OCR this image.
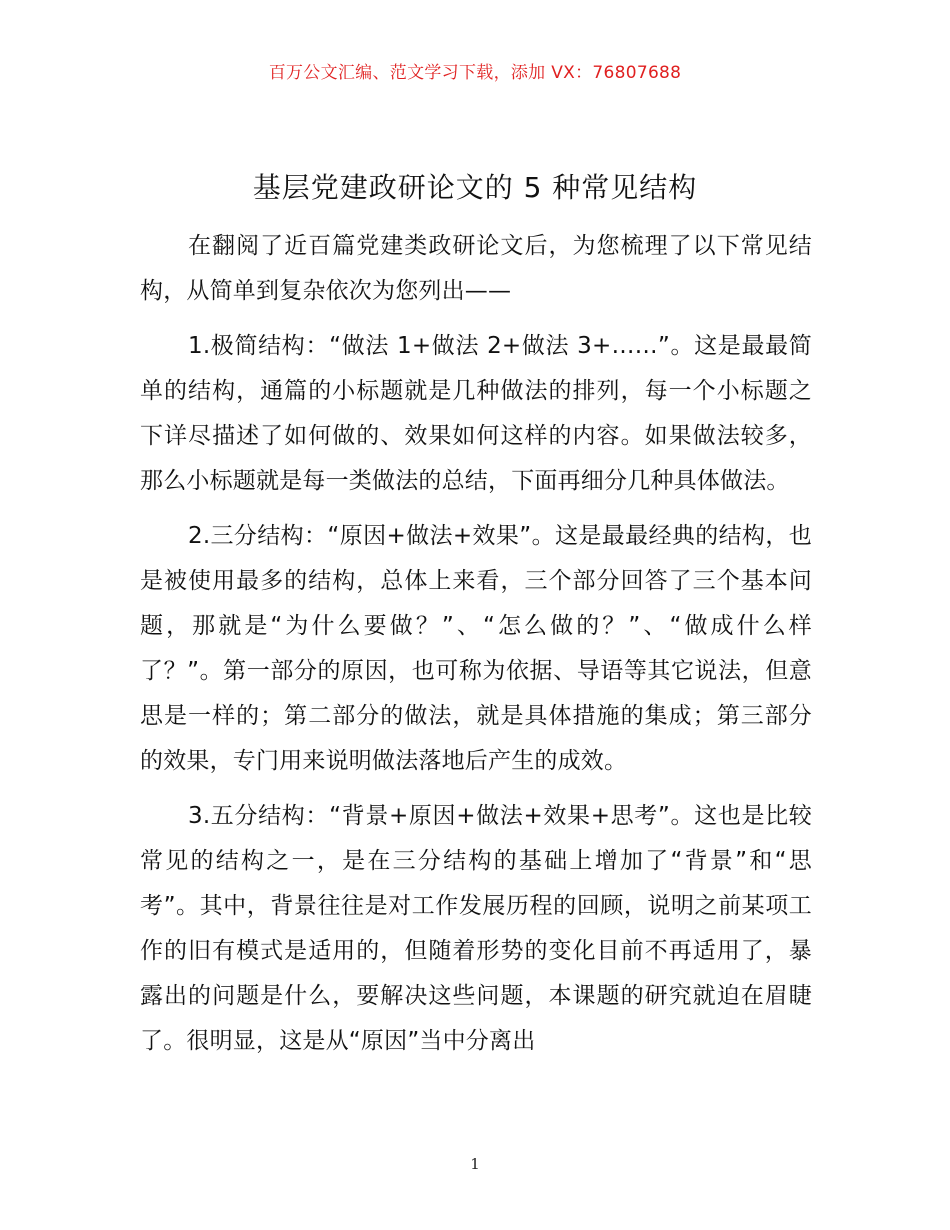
百万公文汇编、范文学习下载，添加 VX：76807688
基层党建政研论文的 5 种常见结构

在翻阅了近百篇党建类政研论文后，为您梳理了以下常见结构，从简单到复杂依次为您列出——

1.极简结构：“做法 1+做法 2+做法 3+……”。这是最最简单的结构，通篇的小标题就是几种做法的排列，每一个小标题之下详尽描述了如何做的、效果如何这样的内容。如果做法较多，那么小标题就是每一类做法的总结，下面再细分几种具体做法。

2.三分结构：“原因+做法+效果”。这是最最经典的结构，也是被使用最多的结构，总体上来看，三个部分回答了三个基本问题，那就是“为什么要做？”、“怎么做的？”、“做成什么样了？”。第一部分的原因，也可称为依据、导语等其它说法，但意思是一样的；第二部分的做法，就是具体措施的集成；第三部分的效果，专门用来说明做法落地后产生的成效。

3.五分结构：“背景+原因+做法+效果+思考”。这也是比较常见的结构之一，是在三分结构的基础上增加了“背景”和“思考”。其中，背景往往是对工作发展历程的回顾，说明之前某项工作的旧有模式是适用的，但随着形势的变化目前不再适用了，暴露出的问题是什么，要解决这些问题，本课题的研究就迫在眉睫了。很明显，这是从“原因”当中分离出

1
